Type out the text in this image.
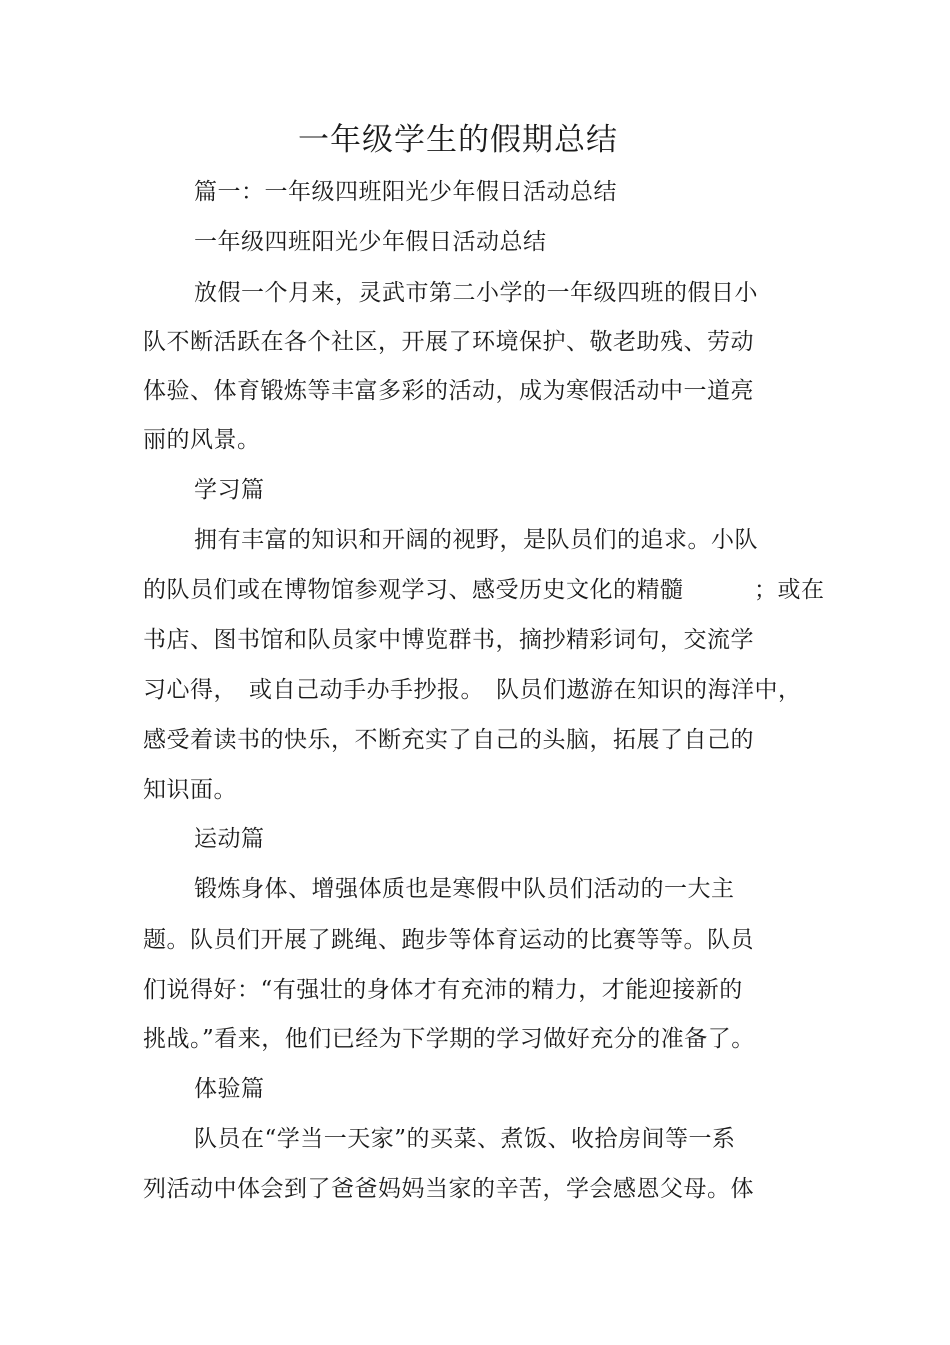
一年级学生的假期总结
篇一：一年级四班阳光少年假日活动总结
一年级四班阳光少年假日活动总结
放假一个月来，灵武市第二小学的一年级四班的假日小
队不断活跃在各个社区，开展了环境保护、敬老助残、劳动
体验、体育锻炼等丰富多彩的活动，成为寒假活动中一道亮
丽的风景。
学习篇
拥有丰富的知识和开阔的视野，是队员们的追求。小队
的队员们或在博物馆参观学习、感受历史文化的精髓　　　；或在
书店、图书馆和队员家中博览群书，摘抄精彩词句，交流学
习心得，　或自己动手办手抄报。　队员们遨游在知识的海洋中，
感受着读书的快乐，不断充实了自己的头脑，拓展了自己的
知识面。
运动篇
锻炼身体、增强体质也是寒假中队员们活动的一大主
题。队员们开展了跳绳、跑步等体育运动的比赛等等。队员
们说得好：“有强壮的身体才有充沛的精力，才能迎接新的
挑战。”看来，他们已经为下学期的学习做好充分的准备了。
体验篇
队员在“学当一天家”的买菜、煮饭、收拾房间等一系
列活动中体会到了爸爸妈妈当家的辛苦，学会感恩父母。体
